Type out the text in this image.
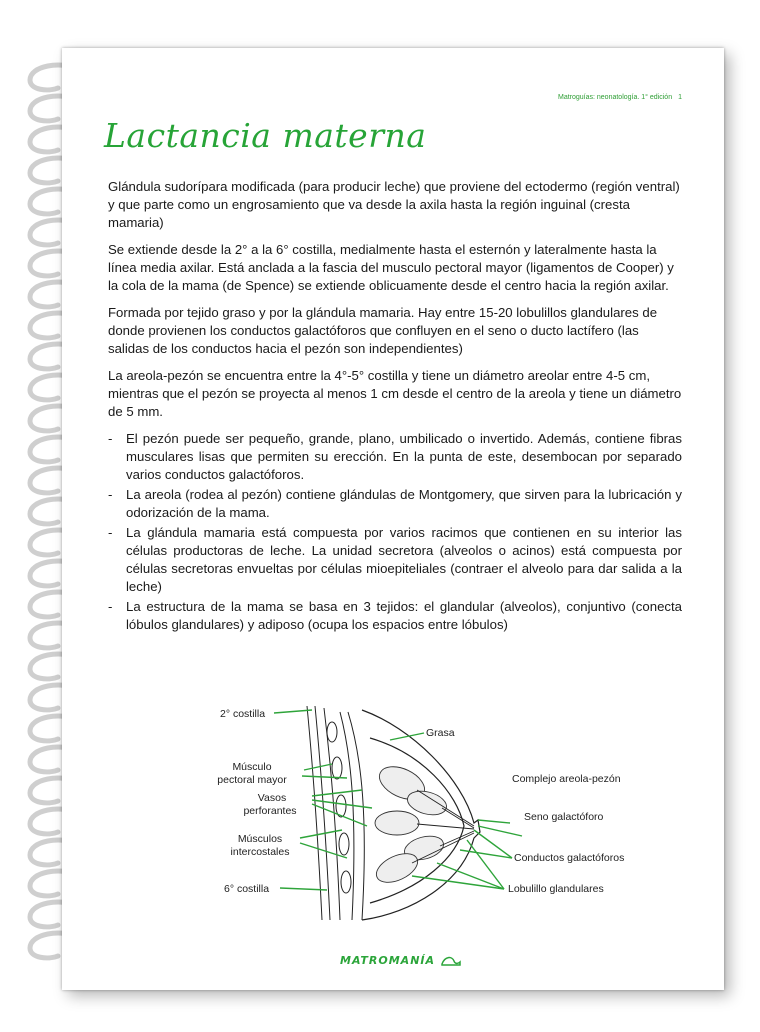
Matroguías: neonatología. 1° edición 1
Lactancia materna

Glándula sudorípara modificada (para producir leche) que proviene del ectodermo (región ventral) y que parte como un engrosamiento que va desde la axila hasta la región inguinal (cresta mamaria)

Se extiende desde la 2° a la 6° costilla, medialmente hasta el esternón y lateralmente hasta la línea media axilar. Está anclada a la fascia del musculo pectoral mayor (ligamentos de Cooper) y la cola de la mama (de Spence) se extiende oblicuamente desde el centro hacia la región axilar.

Formada por tejido graso y por la glándula mamaria. Hay entre 15-20 lobulillos glandulares de donde provienen los conductos galactóforos que confluyen en el seno o ducto lactífero (las salidas de los conductos hacia el pezón son independientes)

La areola-pezón se encuentra entre la 4°-5° costilla y tiene un diámetro areolar entre 4-5 cm, mientras que el pezón se proyecta al menos 1 cm desde el centro de la areola y tiene un diámetro de 5 mm.

- El pezón puede ser pequeño, grande, plano, umbilicado o invertido. Además, contiene fibras musculares lisas que permiten su erección. En la punta de este, desembocan por separado varios conductos galactóforos.
- La areola (rodea al pezón) contiene glándulas de Montgomery, que sirven para la lubricación y odorización de la mama.
- La glándula mamaria está compuesta por varios racimos que contienen en su interior las células productoras de leche. La unidad secretora (alveolos o acinos) está compuesta por células secretoras envueltas por células mioepiteliales (contraer el alveolo para dar salida a la leche)
- La estructura de la mama se basa en 3 tejidos: el glandular (alveolos), conjuntivo (conecta lóbulos glandulares) y adiposo (ocupa los espacios entre lóbulos)
2° costilla
Grasa
Músculo
pectoral mayor	Complejo areola-pezón
Vasos
perforantes	Seno galactóforo
Músculos
intercostales	Conductos galactóforos
6° costilla	Lobulillo glandulares
MATROMANÍA
